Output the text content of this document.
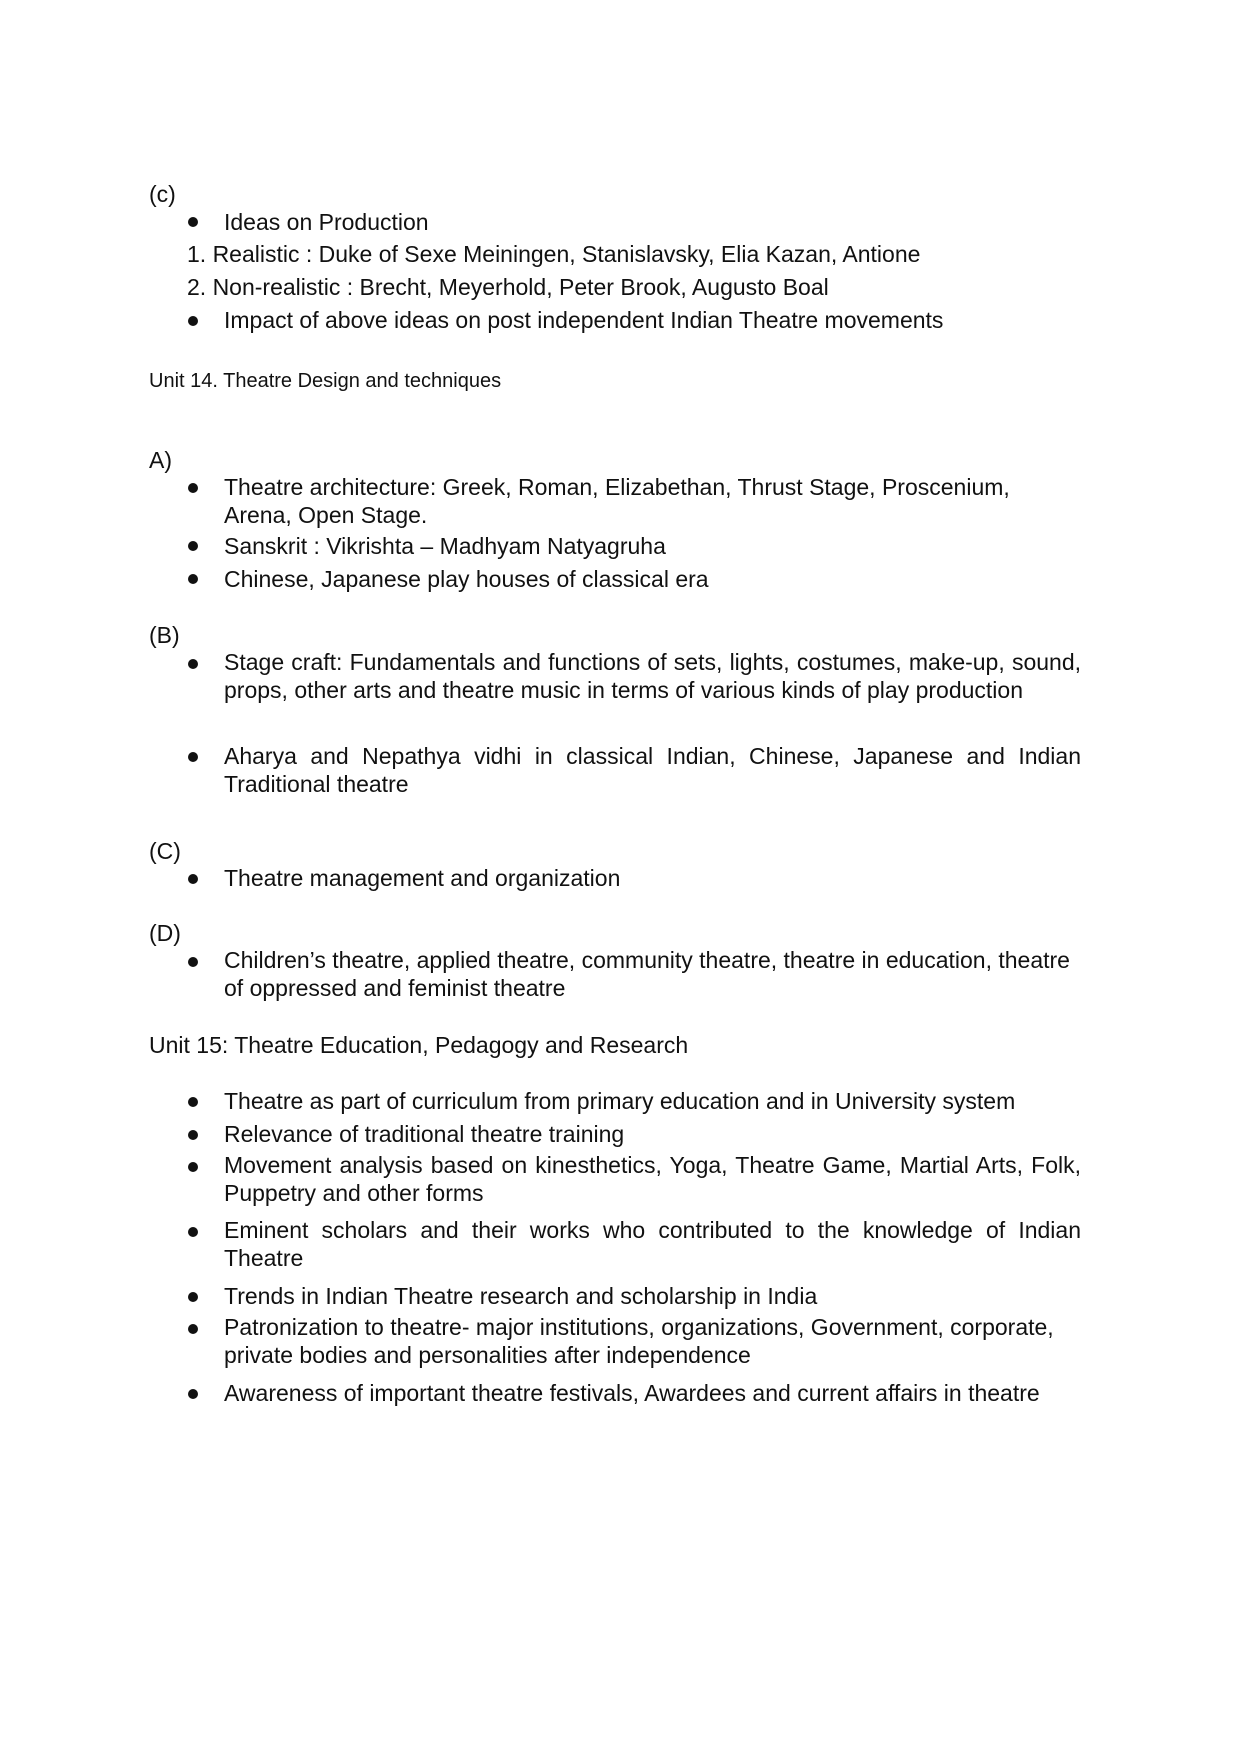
(c)
Ideas on Production
1. Realistic : Duke of Sexe Meiningen, Stanislavsky, Elia Kazan, Antione
2. Non-realistic : Brecht, Meyerhold, Peter Brook, Augusto Boal
Impact of above ideas on post independent Indian Theatre movements
Unit 14. Theatre Design and techniques
A)
Theatre architecture: Greek, Roman, Elizabethan, Thrust Stage, Proscenium, Arena, Open Stage.
Sanskrit : Vikrishta – Madhyam Natyagruha
Chinese, Japanese play houses of classical era
(B)
Stage craft: Fundamentals and functions of sets, lights, costumes, make-up, sound, props, other arts and theatre music in terms of various kinds of play production
Aharya and Nepathya vidhi in classical Indian, Chinese, Japanese and Indian Traditional theatre
(C)
Theatre management and organization
(D)
Children’s theatre, applied theatre, community theatre, theatre in education, theatre of oppressed and feminist theatre
Unit 15: Theatre Education, Pedagogy and Research
Theatre as part of curriculum from primary education and in University system
Relevance of traditional theatre training
Movement analysis based on kinesthetics, Yoga, Theatre Game, Martial Arts, Folk, Puppetry and other forms
Eminent scholars and their works who contributed to the knowledge of Indian Theatre
Trends in Indian Theatre research and scholarship in India
Patronization to theatre- major institutions, organizations, Government, corporate, private bodies and personalities after independence
Awareness of important theatre festivals, Awardees and current affairs in theatre
